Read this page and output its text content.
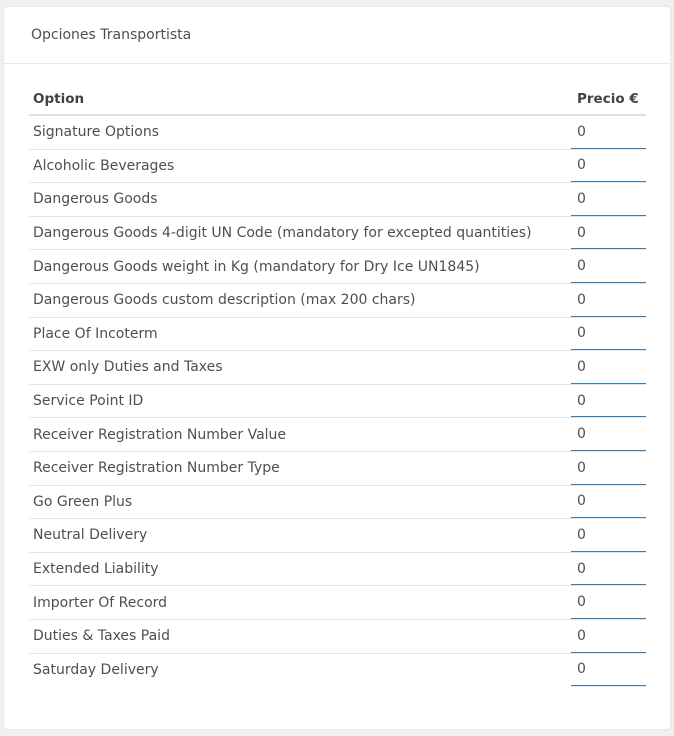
Opciones Transportista
Option	Precio €
Signature Options
0
Alcoholic Beverages
0
Dangerous Goods
0
Dangerous Goods 4-digit UN Code (mandatory for excepted quantities)
0
Dangerous Goods weight in Kg (mandatory for Dry Ice UN1845)
0
Dangerous Goods custom description (max 200 chars)
0
Place Of Incoterm
0
EXW only Duties and Taxes
0
Service Point ID
0
Receiver Registration Number Value
0
Receiver Registration Number Type
0
Go Green Plus
0
Neutral Delivery
0
Extended Liability
0
Importer Of Record
0
Duties & Taxes Paid
0
Saturday Delivery
0
